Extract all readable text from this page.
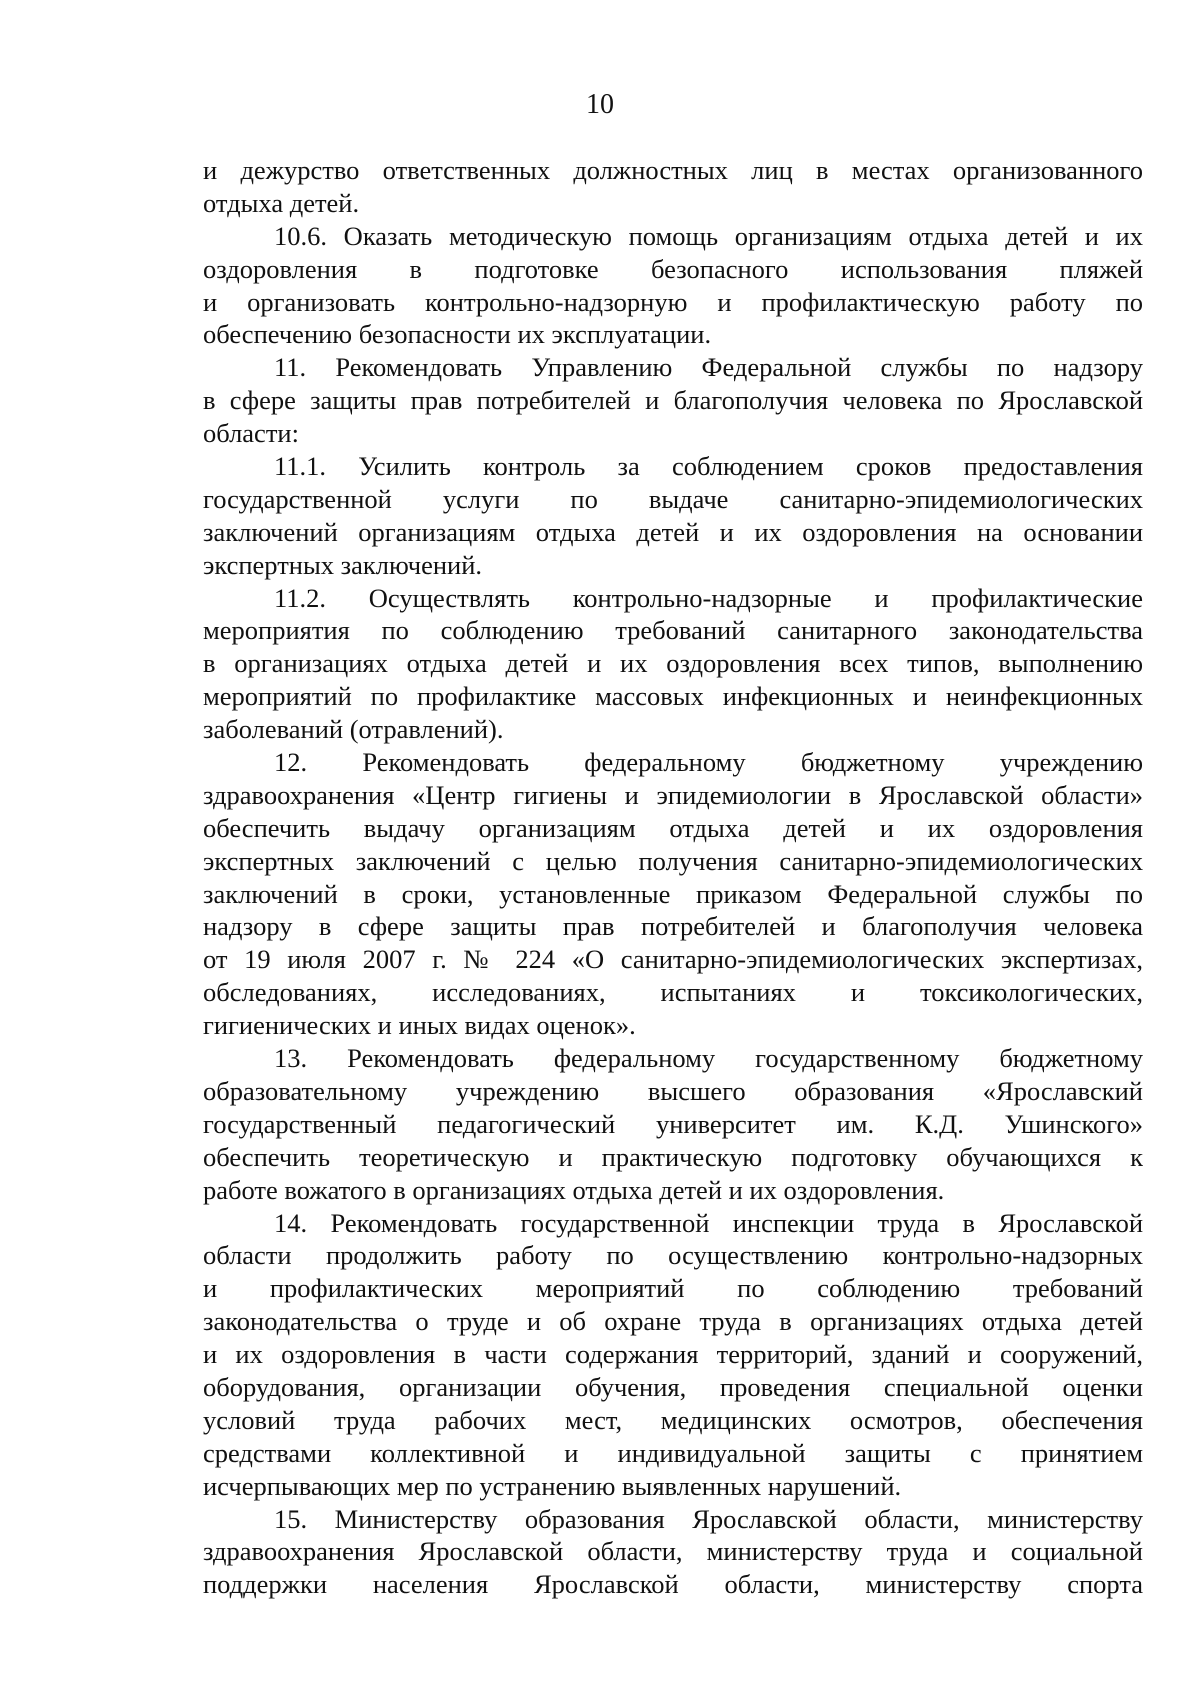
10
и дежурство ответственных должностных лиц в местах организованного
отдыха детей.
10.6. Оказать методическую помощь организациям отдыха детей и их
оздоровления в подготовке безопасного использования пляжей
и организовать контрольно-надзорную и профилактическую работу по
обеспечению безопасности их эксплуатации.
11. Рекомендовать Управлению Федеральной службы по надзору
в сфере защиты прав потребителей и благополучия человека по Ярославской
области:
11.1. Усилить контроль за соблюдением сроков предоставления
государственной услуги по выдаче санитарно-эпидемиологических
заключений организациям отдыха детей и их оздоровления на основании
экспертных заключений.
11.2. Осуществлять контрольно-надзорные и профилактические
мероприятия по соблюдению требований санитарного законодательства
в организациях отдыха детей и их оздоровления всех типов, выполнению
мероприятий по профилактике массовых инфекционных и неинфекционных
заболеваний (отравлений).
12. Рекомендовать федеральному бюджетному учреждению
здравоохранения «Центр гигиены и эпидемиологии в Ярославской области»
обеспечить выдачу организациям отдыха детей и их оздоровления
экспертных заключений с целью получения санитарно-эпидемиологических
заключений в сроки, установленные приказом Федеральной службы по
надзору в сфере защиты прав потребителей и благополучия человека
от 19 июля 2007 г. № 224 «О санитарно-эпидемиологических экспертизах,
обследованиях, исследованиях, испытаниях и токсикологических,
гигиенических и иных видах оценок».
13. Рекомендовать федеральному государственному бюджетному
образовательному учреждению высшего образования «Ярославский
государственный педагогический университет им. К.Д. Ушинского»
обеспечить теоретическую и практическую подготовку обучающихся к
работе вожатого в организациях отдыха детей и их оздоровления.
14. Рекомендовать государственной инспекции труда в Ярославской
области продолжить работу по осуществлению контрольно-надзорных
и профилактических мероприятий по соблюдению требований
законодательства о труде и об охране труда в организациях отдыха детей
и их оздоровления в части содержания территорий, зданий и сооружений,
оборудования, организации обучения, проведения специальной оценки
условий труда рабочих мест, медицинских осмотров, обеспечения
средствами коллективной и индивидуальной защиты с принятием
исчерпывающих мер по устранению выявленных нарушений.
15. Министерству образования Ярославской области, министерству
здравоохранения Ярославской области, министерству труда и социальной
поддержки населения Ярославской области, министерству спорта
